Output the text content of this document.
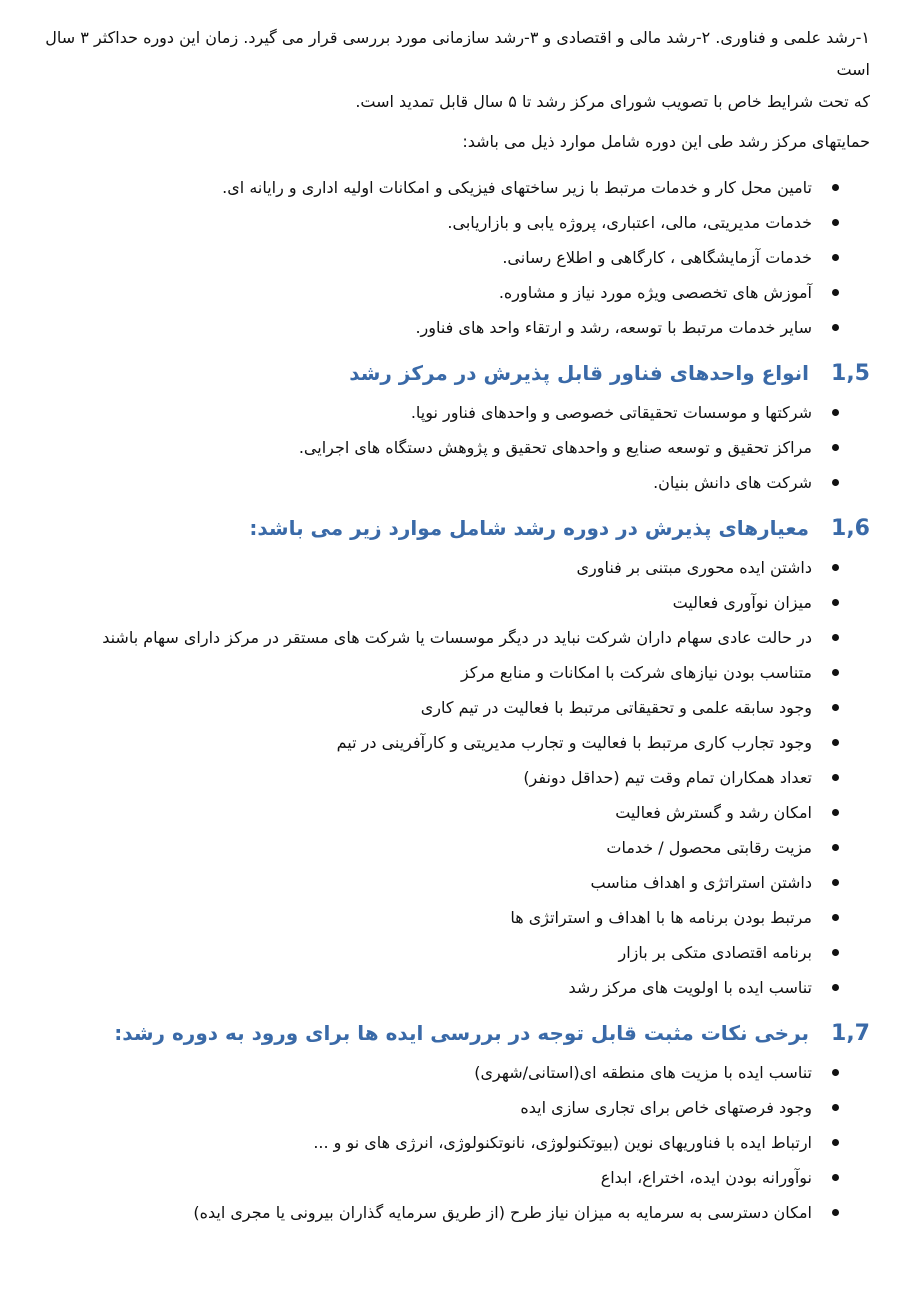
۱-رشد علمی و فناوری. ۲-رشد مالی و اقتصادی و ۳-رشد سازمانی مورد بررسی قرار می گیرد. زمان این دوره حداکثر ۳ سال است
که تحت شرایط خاص با تصویب شورای مرکز رشد تا ۵ سال قابل تمدید است.

حمایتهای مرکز رشد طی این دوره شامل موارد ذیل می باشد:

تامین محل کار و خدمات مرتبط با زیر ساختهای فیزیکی و امکانات اولیه اداری و رایانه ای.
خدمات مدیریتی، مالی، اعتباری، پروژه یابی و بازاریابی.
خدمات آزمایشگاهی ، کارگاهی و اطلاع رسانی.
آموزش های تخصصی ویژه مورد نیاز و مشاوره.
سایر خدمات مرتبط با توسعه، رشد و ارتقاء واحد های فناور.
1,5
انواع واحدهای فناور قابل پذیرش در مرکز رشد
شرکتها و موسسات تحقیقاتی خصوصی و واحدهای فناور نوپا.
مراکز تحقیق و توسعه صنایع و واحدهای تحقیق و پژوهش دستگاه های اجرایی.
شرکت های دانش بنیان.
1,6
معیارهای پذیرش در دوره رشد شامل موارد زیر می باشد
:
داشتن ایده محوری مبتنی بر فناوری
میزان نوآوری فعالیت
در حالت عادی سهام داران شرکت نباید در دیگر موسسات یا شرکت های مستقر در مرکز دارای سهام باشند
متناسب بودن نیازهای شرکت با امکانات و منابع مرکز
وجود سابقه علمی و تحقیقاتی مرتبط با فعالیت در تیم کاری
وجود تجارب کاری مرتبط با فعالیت و تجارب مدیریتی و کارآفرینی در تیم
تعداد همکاران تمام وقت تیم (حداقل دونفر)
امکان رشد و گسترش فعالیت
مزیت رقابتی محصول / خدمات
داشتن استراتژی و اهداف مناسب
مرتبط بودن برنامه ها با اهداف و استراتژی ها
برنامه اقتصادی متکی بر بازار
تناسب ایده با اولویت های مرکز رشد
1,7
برخی نکات مثبت قابل توجه در بررسی ایده ها برای ورود به دوره رشد
:
تناسب ایده با مزیت های منطقه ای(استانی/شهری)
وجود فرصتهای خاص برای تجاری سازی ایده
ارتباط ایده با فناوریهای نوین (بیوتکنولوژی، نانوتکنولوژی، انرژی های نو و ...
نوآورانه بودن ایده، اختراع، ابداع
امکان دسترسی به سرمایه به میزان نیاز طرح (از طریق سرمایه گذاران بیرونی یا مجری ایده)
